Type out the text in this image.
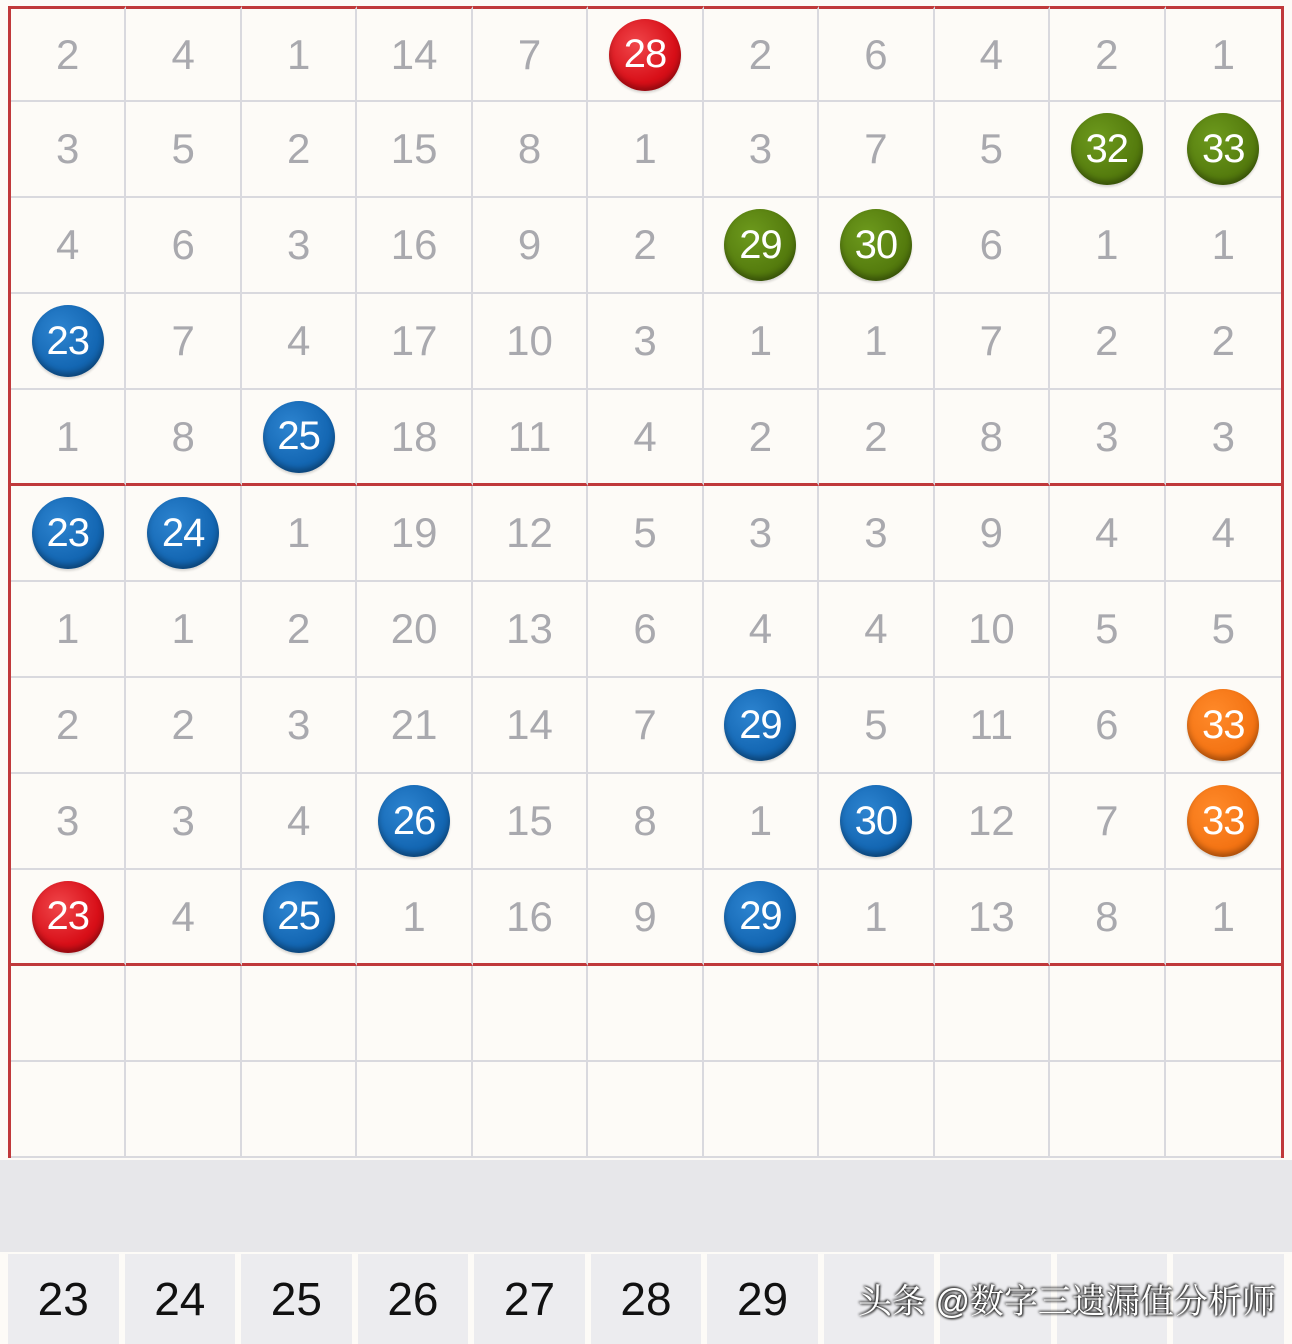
2 4 1 14 7	28	2 6 4 2 1
3 5 2 15 8 1 3 7 5	32	33
4 6 3 16 9 2	29	30	6 1 1
23	7 4 17 10 3 1 1 7 2 2
1 8	25	18 11 4 2 2 8 3 3
23	24	1 19 12 5 3 3 9 4 4
1 1 2 20 13 6 4 4 10 5 5
2 2 3 21 14 7	29	5 11 6	33
3 3 4	26	15 8 1	30	12 7	33
23	4	25	1 16 9	29	1 13 8 1
23	24	25	26	27	28	29	头条 @数字三遗漏值分析师
